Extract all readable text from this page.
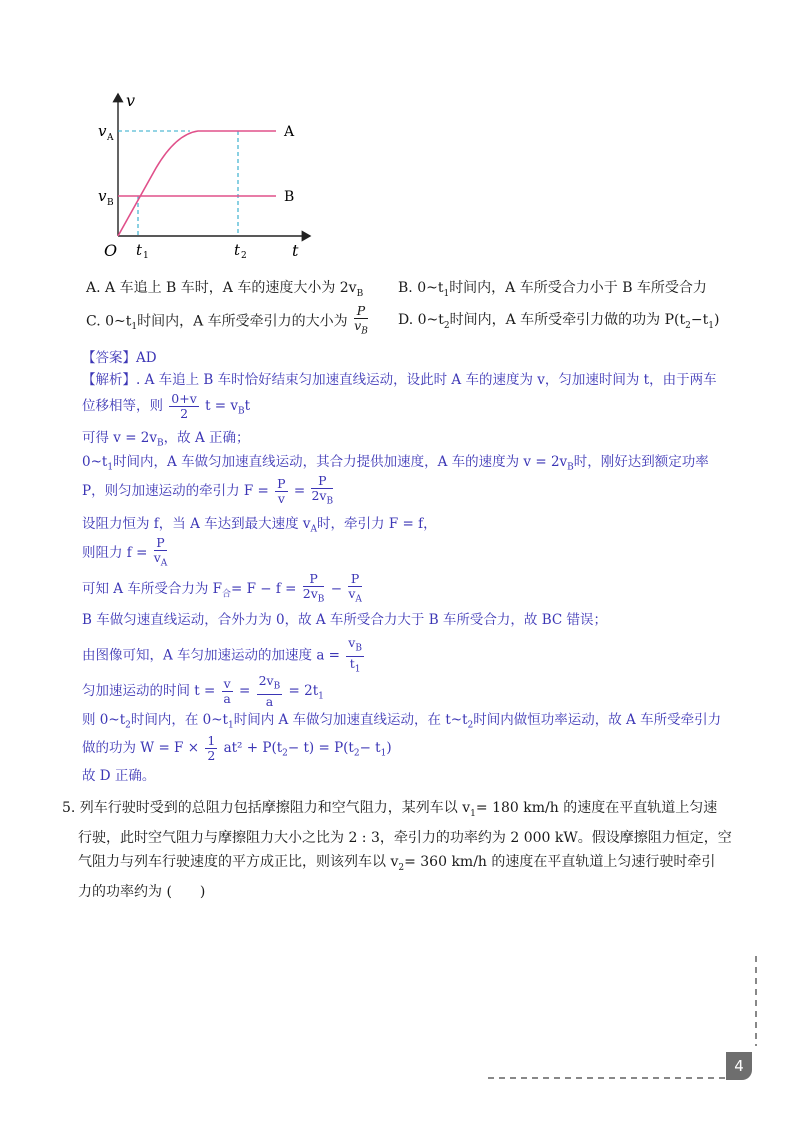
v
t
O
v A
v B
t 1	t 2
A
B
A. A 车追上 B 车时，A 车的速度大小为 $2v_B$ B. $0\sim t_1$时间内，A 车所受合力小于 B 车所受合力
C. $0\sim t_1$时间内，A 车所受牵引力的大小为 $\frac{P}{v_B} D$. $0\sim t_2$时间内，A 车所受牵引力做的功为 $P(t_2-t_1)$
【答案】AD
【解析】. A 车追上 B 车时恰好结束匀加速直线运动，设此时 A 车的速度为 v，匀加速时间为 t，由于两车
位移相等，则 $\frac{0+v}{2}$ $t = v_Bt$
可得 $v = 2v_B$，故 A 正确；
$0\sim t_1$时间内，A 车做匀加速直线运动，其合力提供加速度，A 车的速度为 $v = 2v_B$时，刚好达到额定功率
P，则匀加速运动的牵引力 $F = \frac{P}{v} = \frac{P}{2v_B}$
设阻力恒为 f，当 A 车达到最大速度 $v_A$时，牵引力 F = f，
则阻力 $f = \frac{P}{v_A}$
可知 A 车所受合力为 $F_合= F - f = \frac{P}{2v_B} - \frac{P}{v_A}$
B 车做匀速直线运动，合外力为 0，故 A 车所受合力大于 B 车所受合力，故 BC 错误；
由图像可知，A 车匀加速运动的加速度 $a = \frac{v_B}{t_1}$
匀加速运动的时间 $t = \frac{v}{a} = \frac{2v_B}{a} = 2t_1$
则 $0\sim t_2$时间内，在 $0\sim t_1$时间内 A 车做匀加速直线运动，在 $t\sim t_2$时间内做恒功率运动，故 A 车所受牵引力
做的功为 $W = F \times \frac{1}{2} at^2 + P(t_2- t) = P(t_2- t_1)$
故 D 正确。
5. 列车行驶时受到的总阻力包括摩擦阻力和空气阻力，某列车以 $v_1= 180$ km/h 的速度在平直轨道上匀速
行驶，此时空气阻力与摩擦阻力大小之比为 2 : 3，牵引力的功率约为 2 000 kW。假设摩擦阻力恒定，空
气阻力与列车行驶速度的平方成正比，则该列车以 $v_2= 360$ km/h 的速度在平直轨道上匀速行驶时牵引
力的功率约为 (　　)
4
